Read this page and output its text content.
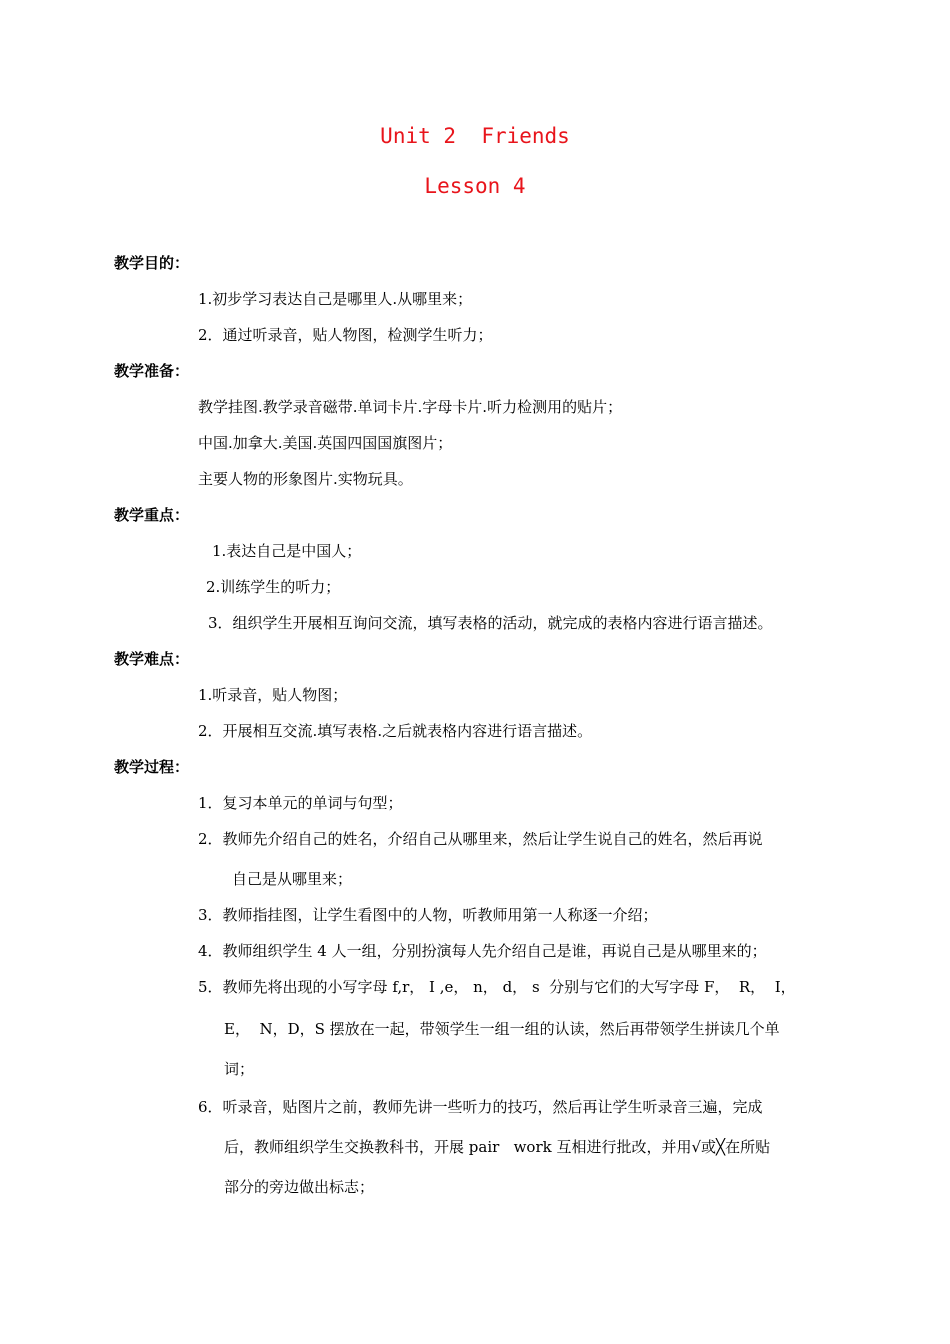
Unit 2  Friends
Lesson 4
教学目的：
1.初步学习表达自己是哪里人.从哪里来；
2．通过听录音，贴人物图，检测学生听力；
教学准备：
教学挂图.教学录音磁带.单词卡片.字母卡片.听力检测用的贴片；
中国.加拿大.美国.英国四国国旗图片；
主要人物的形象图片.实物玩具。
教学重点：
1.表达自己是中国人；
2.训练学生的听力；
3．组织学生开展相互询问交流，填写表格的活动，就完成的表格内容进行语言描述。
教学难点：
1.听录音，贴人物图；
2．开展相互交流.填写表格.之后就表格内容进行语言描述。
教学过程：
1．复习本单元的单词与句型；
2．教师先介绍自己的姓名，介绍自己从哪里来，然后让学生说自己的姓名，然后再说
自己是从哪里来；
3．教师指挂图，让学生看图中的人物，听教师用第一人称逐一介绍；
4．教师组织学生 4 人一组，分别扮演每人先介绍自己是谁，再说自己是从哪里来的；
5．教师先将出现的小写字母 f,r， I ,e， n， d， s  分别与它们的大写字母 F，  R，  I，
E，  N，D，S 摆放在一起，带领学生一组一组的认读，然后再带领学生拼读几个单
词；
6．听录音，贴图片之前，教师先讲一些听力的技巧，然后再让学生听录音三遍，完成
后，教师组织学生交换教科书，开展 pair   work 互相进行批改，并用√或╳在所贴
部分的旁边做出标志；
